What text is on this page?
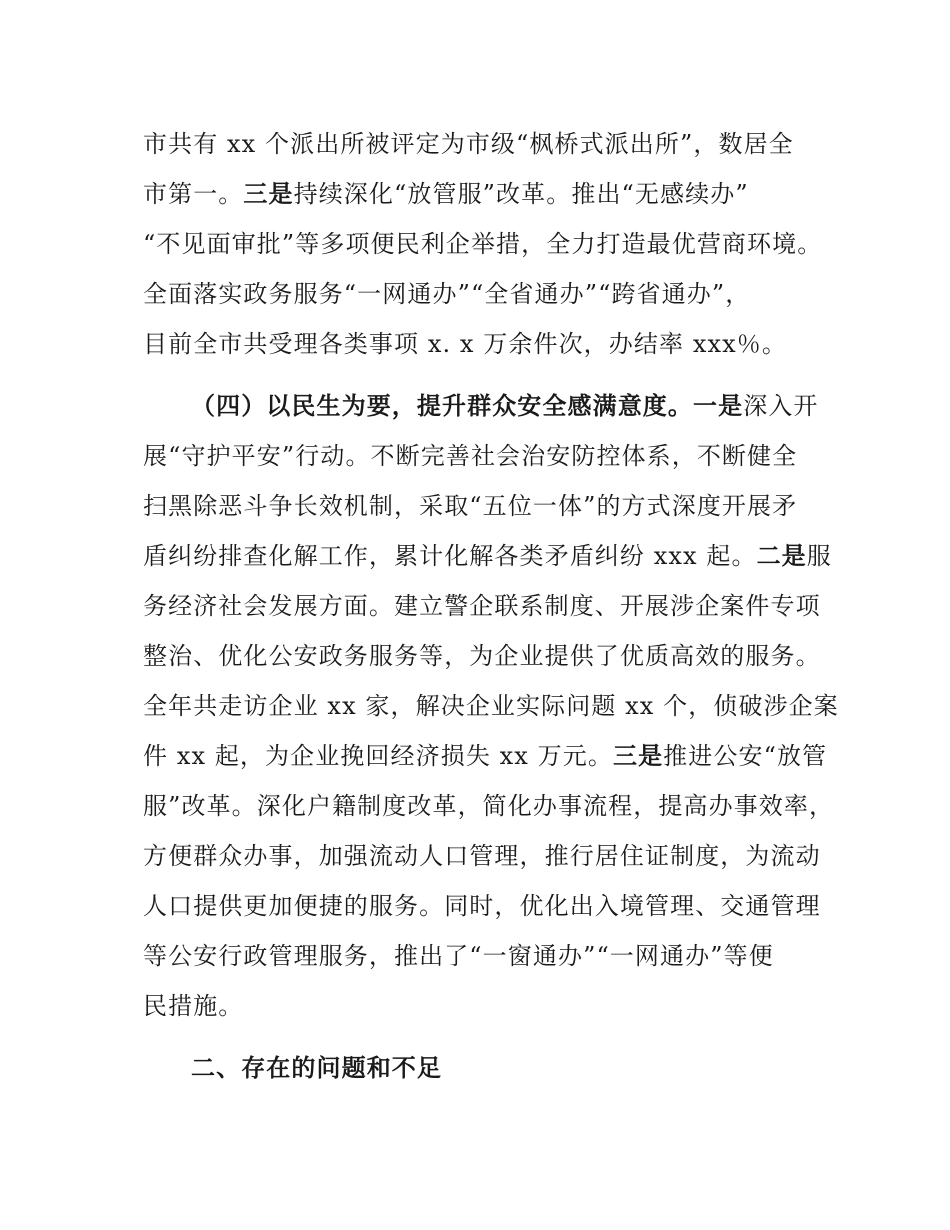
市共有 xx 个派出所被评定为市级“枫桥式派出所”，数居全
市第一。三是持续深化“放管服”改革。推出“无感续办”
“不见面审批”等多项便民利企举措，全力打造最优营商环境。
全面落实政务服务“一网通办”“全省通办”“跨省通办”，
目前全市共受理各类事项 x. x 万余件次，办结率 xxx％。
（四）以民生为要，提升群众安全感满意度。一是深入开
展“守护平安”行动。不断完善社会治安防控体系，不断健全
扫黑除恶斗争长效机制，采取“五位一体”的方式深度开展矛
盾纠纷排查化解工作，累计化解各类矛盾纠纷 xxx 起。二是服
务经济社会发展方面。建立警企联系制度、开展涉企案件专项
整治、优化公安政务服务等，为企业提供了优质高效的服务。
全年共走访企业 xx 家，解决企业实际问题 xx 个，侦破涉企案
件 xx 起，为企业挽回经济损失 xx 万元。三是推进公安“放管
服”改革。深化户籍制度改革，简化办事流程，提高办事效率，
方便群众办事，加强流动人口管理，推行居住证制度，为流动
人口提供更加便捷的服务。同时，优化出入境管理、交通管理
等公安行政管理服务，推出了“一窗通办”“一网通办”等便
民措施。
二、存在的问题和不足
